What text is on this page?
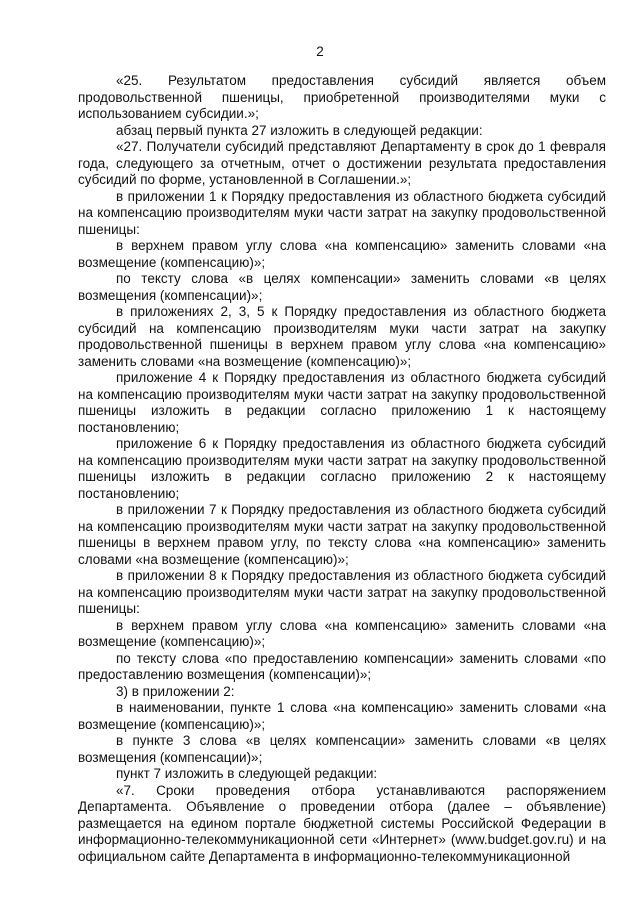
2

«25. Результатом предоставления субсидий является объем продовольственной пшеницы, приобретенной производителями муки с использованием субсидии.»;

абзац первый пункта 27 изложить в следующей редакции:

«27. Получатели субсидий представляют Департаменту в срок до 1 февраля года, следующего за отчетным, отчет о достижении результата предоставления субсидий по форме, установленной в Соглашении.»;

в приложении 1 к Порядку предоставления из областного бюджета субсидий на компенсацию производителям муки части затрат на закупку продовольственной пшеницы:

в верхнем правом углу слова «на компенсацию» заменить словами «на возмещение (компенсацию)»;

по тексту слова «в целях компенсации» заменить словами «в целях возмещения (компенсации)»;

в приложениях 2, 3, 5 к Порядку предоставления из областного бюджета субсидий на компенсацию производителям муки части затрат на закупку продовольственной пшеницы в верхнем правом углу слова «на компенсацию» заменить словами «на возмещение (компенсацию)»;

приложение 4 к Порядку предоставления из областного бюджета субсидий на компенсацию производителям муки части затрат на закупку продовольственной пшеницы изложить в редакции согласно приложению 1 к настоящему постановлению;

приложение 6 к Порядку предоставления из областного бюджета субсидий на компенсацию производителям муки части затрат на закупку продовольственной пшеницы изложить в редакции согласно приложению 2 к настоящему постановлению;

в приложении 7 к Порядку предоставления из областного бюджета субсидий на компенсацию производителям муки части затрат на закупку продовольственной пшеницы в верхнем правом углу, по тексту слова «на компенсацию» заменить словами «на возмещение (компенсацию)»;

в приложении 8 к Порядку предоставления из областного бюджета субсидий на компенсацию производителям муки части затрат на закупку продовольственной пшеницы:

в верхнем правом углу слова «на компенсацию» заменить словами «на возмещение (компенсацию)»;

по тексту слова «по предоставлению компенсации» заменить словами «по предоставлению возмещения (компенсации)»;

3) в приложении 2:

в наименовании, пункте 1 слова «на компенсацию» заменить словами «на возмещение (компенсацию)»;

в пункте 3 слова «в целях компенсации» заменить словами «в целях возмещения (компенсации)»;

пункт 7 изложить в следующей редакции:

«7. Сроки проведения отбора устанавливаются распоряжением Департамента. Объявление о проведении отбора (далее – объявление) размещается на едином портале бюджетной системы Российской Федерации в информационно-телекоммуникационной сети «Интернет» (www.budget.gov.ru) и на официальном сайте Департамента в информационно-телекоммуникационной
